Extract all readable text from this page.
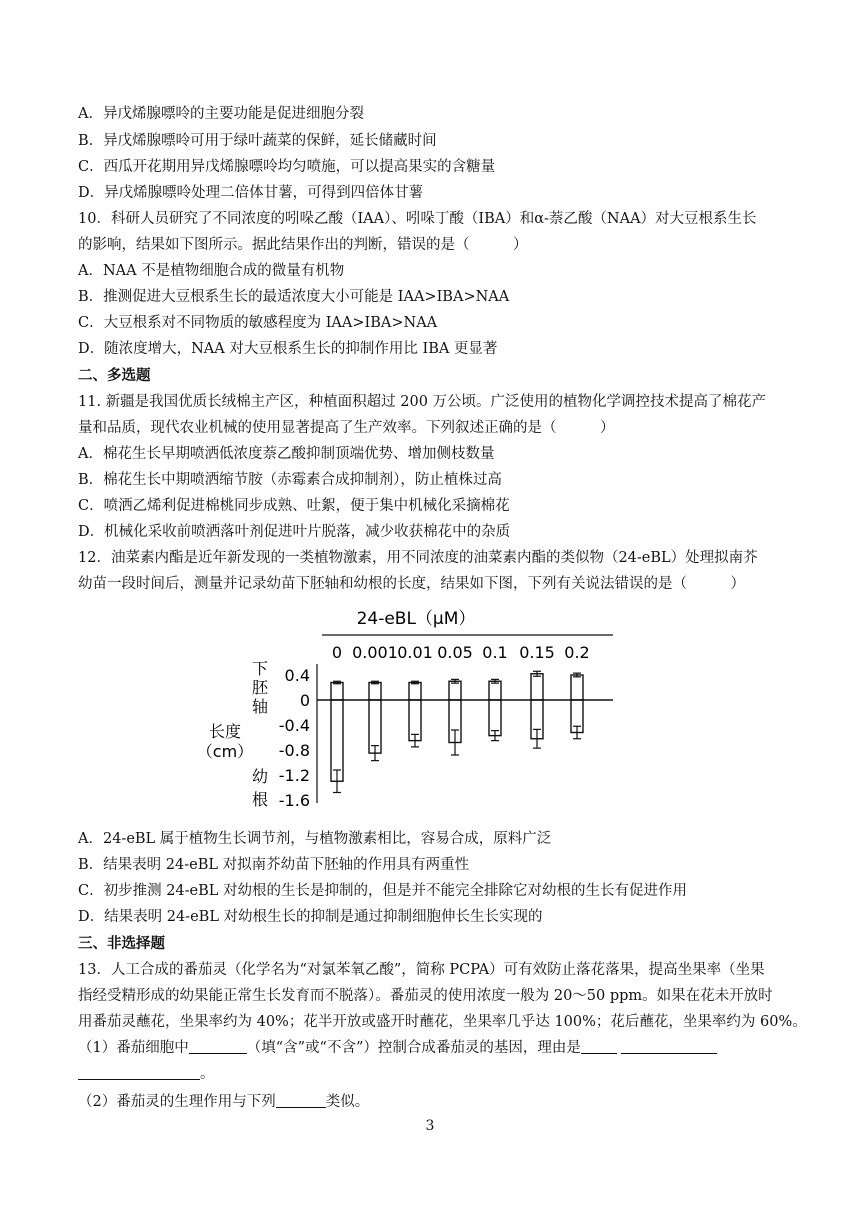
A．异戊烯腺嘌呤的主要功能是促进细胞分裂
B．异戊烯腺嘌呤可用于绿叶蔬菜的保鲜，延长储藏时间
C．西瓜开花期用异戊烯腺嘌呤均匀喷施，可以提高果实的含糖量
D．异戊烯腺嘌呤处理二倍体甘薯，可得到四倍体甘薯
10．科研人员研究了不同浓度的吲哚乙酸（IAA）、吲哚丁酸（IBA）和α-萘乙酸（NAA）对大豆根系生长
的影响，结果如下图所示。据此结果作出的判断，错误的是（　　　）
A．NAA 不是植物细胞合成的微量有机物
B．推测促进大豆根系生长的最适浓度大小可能是 IAA>IBA>NAA
C．大豆根系对不同物质的敏感程度为 IAA>IBA>NAA
D．随浓度增大，NAA 对大豆根系生长的抑制作用比 IBA 更显著
二、多选题
11. 新疆是我国优质长绒棉主产区，种植面积超过 200 万公顷。广泛使用的植物化学调控技术提高了棉花产
量和品质，现代农业机械的使用显著提高了生产效率。下列叙述正确的是（　　　）
A．棉花生长早期喷洒低浓度萘乙酸抑制顶端优势、增加侧枝数量
B．棉花生长中期喷洒缩节胺（赤霉素合成抑制剂），防止植株过高
C．喷洒乙烯利促进棉桃同步成熟、吐絮，便于集中机械化采摘棉花
D．机械化采收前喷洒落叶剂促进叶片脱落，减少收获棉花中的杂质
12．油菜素内酯是近年新发现的一类植物激素，用不同浓度的油菜素内酯的类似物（24-eBL）处理拟南芥
幼苗一段时间后，测量并记录幼苗下胚轴和幼根的长度，结果如下图，下列有关说法错误的是（　　　）
24-eBL（μM）
0 0.001 0.01 0.05 0.1 0.15 0.2
下
胚
轴
长度
（cm）
幼
根
0.4
0
-0.4
-0.8
-1.2
-1.6
A．24-eBL 属于植物生长调节剂，与植物激素相比，容易合成，原料广泛
B．结果表明 24-eBL 对拟南芥幼苗下胚轴的作用具有两重性
C．初步推测 24-eBL 对幼根的生长是抑制的，但是并不能完全排除它对幼根的生长有促进作用
D．结果表明 24-eBL 对幼根生长的抑制是通过抑制细胞伸长生长实现的
三、非选择题
13．人工合成的番茄灵（化学名为“对氯苯氧乙酸”，简称 PCPA）可有效防止落花落果，提高坐果率（坐果
指经受精形成的幼果能正常生长发育而不脱落）。番茄灵的使用浓度一般为 20～50 ppm。如果在花未开放时
用番茄灵蘸花，坐果率约为 40%；花半开放或盛开时蘸花，坐果率几乎达 100%；花后蘸花，坐果率约为 60%。
（1）番茄细胞中	（填“含”或“不含”）控制合成番茄灵的基因，理由是
。
（2）番茄灵的生理作用与下列	类似。
3
